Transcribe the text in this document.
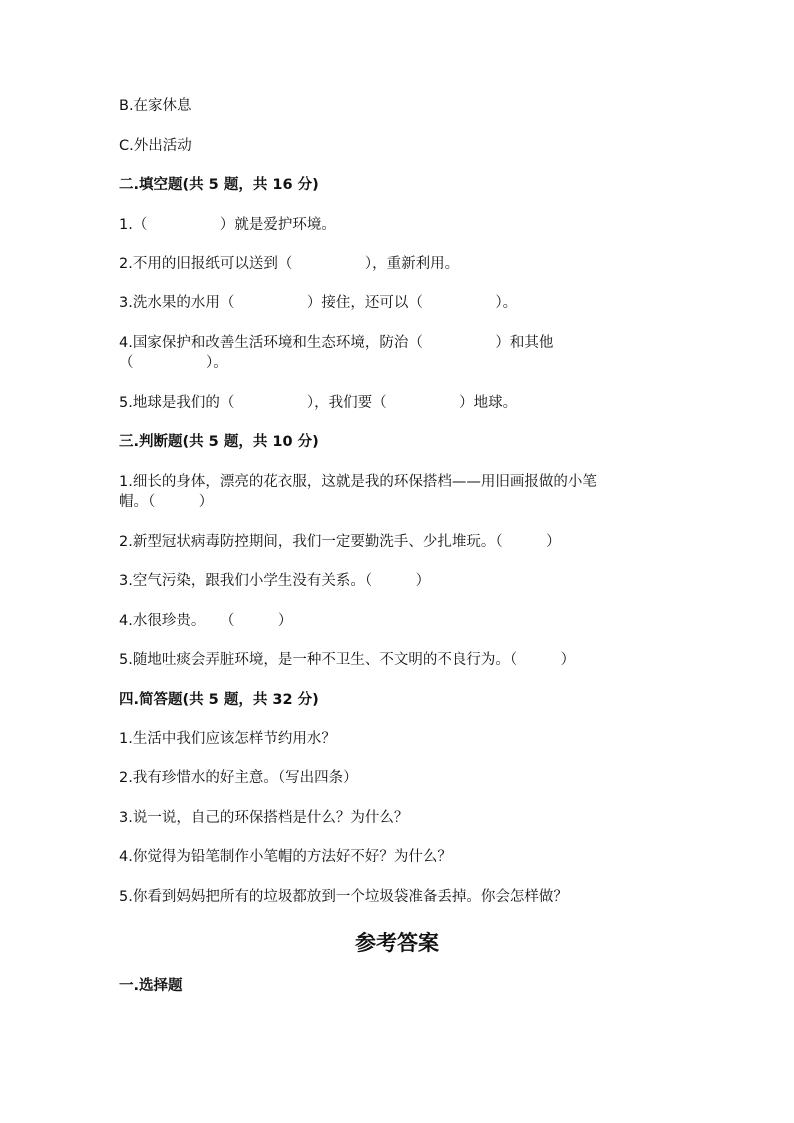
B.在家休息
C.外出活动
二.填空题(共 5 题，共 16 分)
1.（　　　　　）就是爱护环境。
2.不用的旧报纸可以送到（　　　　　），重新利用。
3.洗水果的水用（　　　　　）接住，还可以（　　　　　）。
4.国家保护和改善生活环境和生态环境，防治（　　　　　）和其他
（　　　　　）。
5.地球是我们的（　　　　　），我们要（　　　　　）地球。
三.判断题(共 5 题，共 10 分)
1.细长的身体，漂亮的花衣服，这就是我的环保搭档——用旧画报做的小笔
帽。（　　　）
2.新型冠状病毒防控期间，我们一定要勤洗手、少扎堆玩。（　　　）
3.空气污染，跟我们小学生没有关系。（　　　）
4.水很珍贵。　　（　　　）
5.随地吐痰会弄脏环境，是一种不卫生、不文明的不良行为。（　　　）
四.简答题(共 5 题，共 32 分)
1.生活中我们应该怎样节约用水？
2.我有珍惜水的好主意。（写出四条）
3.说一说，自己的环保搭档是什么？为什么？
4.你觉得为铅笔制作小笔帽的方法好不好？为什么？
5.你看到妈妈把所有的垃圾都放到一个垃圾袋准备丢掉。你会怎样做？
参考答案
一.选择题
